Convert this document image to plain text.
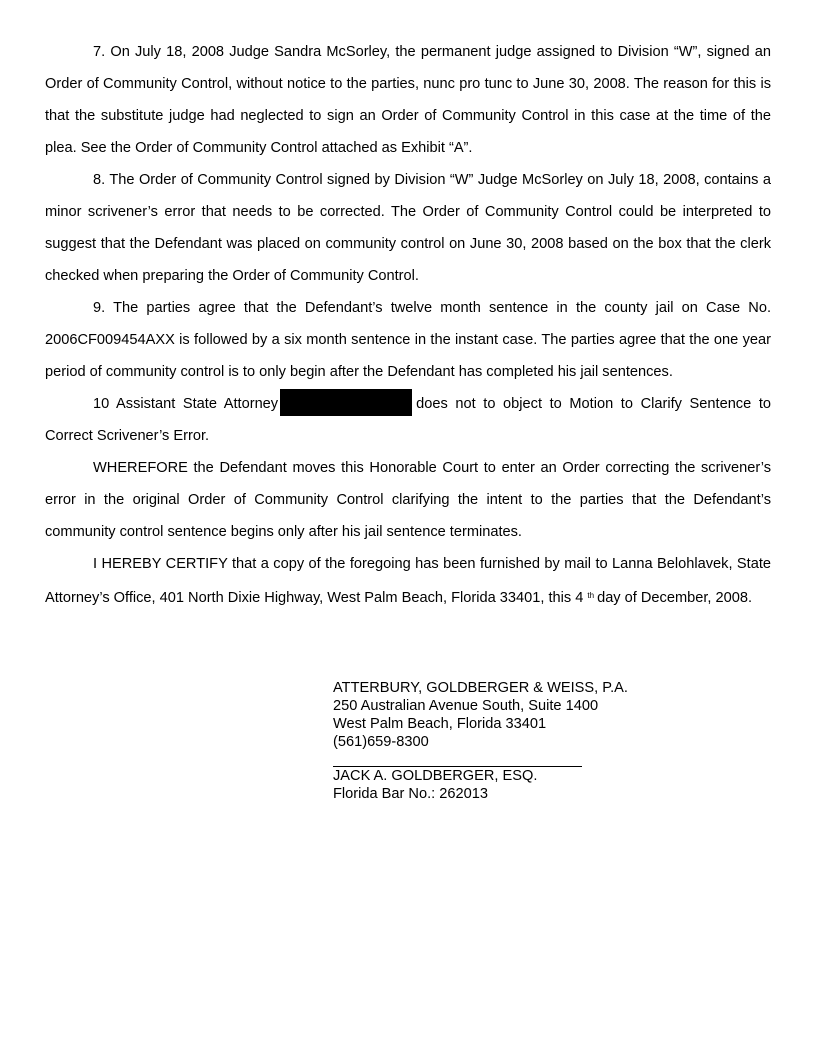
7. On July 18, 2008 Judge Sandra McSorley, the permanent judge assigned to Division “W”, signed an Order of Community Control, without notice to the parties, nunc pro tunc to June 30, 2008. The reason for this is that the substitute judge had neglected to sign an Order of Community Control in this case at the time of the plea. See the Order of Community Control attached as Exhibit “A”.

8. The Order of Community Control signed by Division “W” Judge McSorley on July 18, 2008, contains a minor scrivener’s error that needs to be corrected. The Order of Community Control could be interpreted to suggest that the Defendant was placed on community control on June 30, 2008 based on the box that the clerk checked when preparing the Order of Community Control.

9. The parties agree that the Defendant’s twelve month sentence in the county jail on Case No. 2006CF009454AXX is followed by a six month sentence in the instant case. The parties agree that the one year period of community control is to only begin after the Defendant has completed his jail sentences.

10 Assistant State Attorney	does not to object to Motion to Clarify Sentence to Correct Scrivener’s Error.

WHEREFORE the Defendant moves this Honorable Court to enter an Order correcting the scrivener’s error in the original Order of Community Control clarifying the intent to the parties that the Defendant’s community control sentence begins only after his jail sentence terminates.

I HEREBY CERTIFY that a copy of the foregoing has been furnished by mail to Lanna Belohlavek, State Attorney’s Office, 401 North Dixie Highway, West Palm Beach, Florida 33401, this 4 $^{th}$ day of December, 2008.

ATTERBURY, GOLDBERGER & WEISS, P.A.
250 Australian Avenue South, Suite 1400
West Palm Beach, Florida 33401
(561)659-8300
JACK A. GOLDBERGER, ESQ.
Florida Bar No.: 262013
